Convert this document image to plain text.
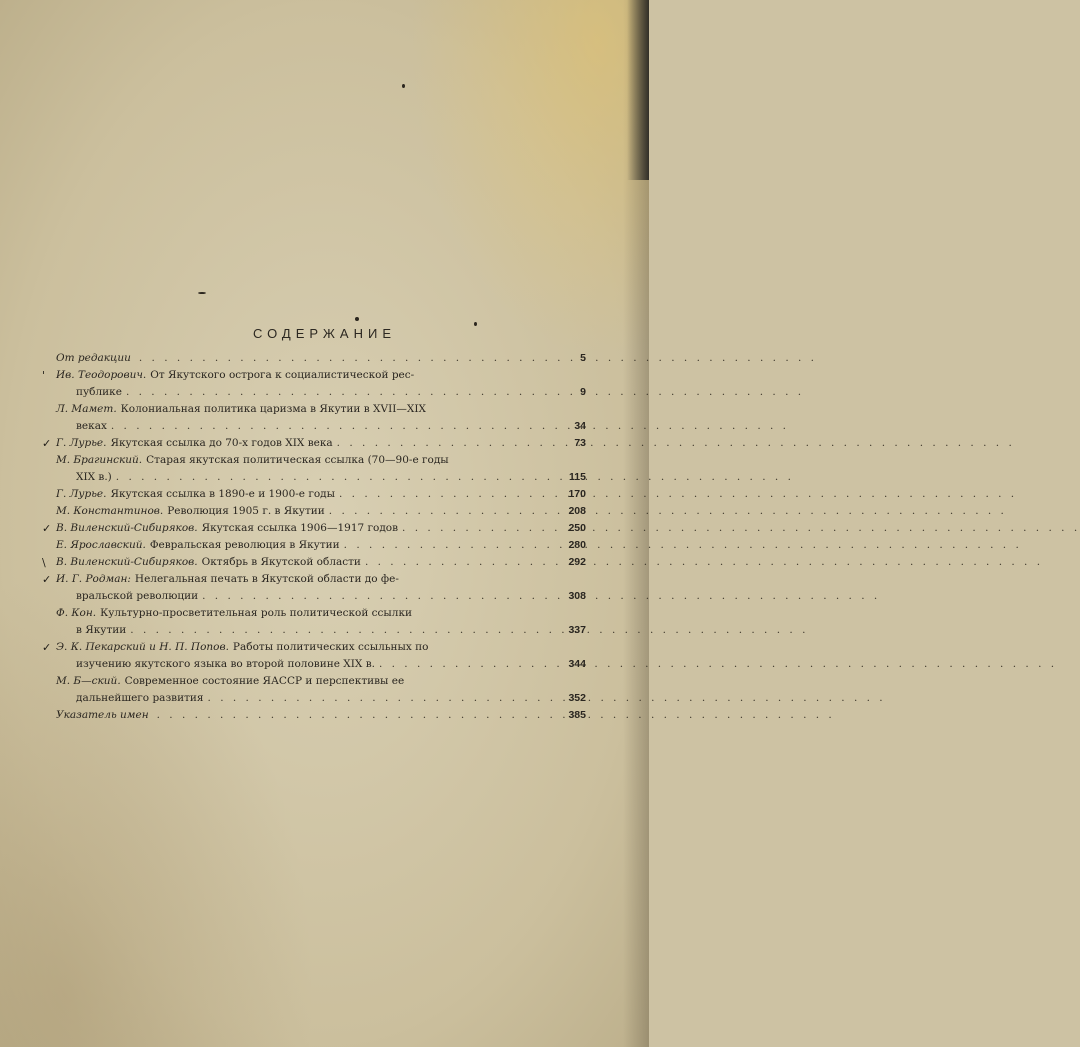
СОДЕРЖАНИЕ
От редакции . . .	5
' Ив. Теодорович. От Якутского острога к социалистической рес-
публике . . .	9
Л. Мамет. Колониальная политика царизма в Якутии в XVII—XIX
веках . . .	34
✓ Г. Лурье. Якутская ссылка до 70-х годов XIX века . . .	73
М. Брагинский. Старая якутская политическая ссылка (70—90-е годы
XIX в.) . . .	115
Г. Лурье. Якутская ссылка в 1890-е и 1900-е годы . . .	170
М. Константинов. Революция 1905 г. в Якутии . . .	208
✓ В. Виленский-Сибиряков. Якутская ссылка 1906—1917 годов . . .	250
Е. Ярославский. Февральская революция в Якутии . . .	280
\ В. Виленский-Сибиряков. Октябрь в Якутской области . . .	292
✓ И. Г. Родман: Нелегальная печать в Якутской области до фе-
вральской революции . . .	308
Ф. Кон. Культурно-просветительная роль политической ссылки
в Якутии . . .	337
✓ Э. К. Пекарский и Н. П. Попов. Работы политических ссыльных по
изучению якутского языка во второй половине XIX в. . . .	344
М. Б—ский. Современное состояние ЯАССР и перспективы ее
дальнейшего развития . . .	352
Указатель имен . . .	385
